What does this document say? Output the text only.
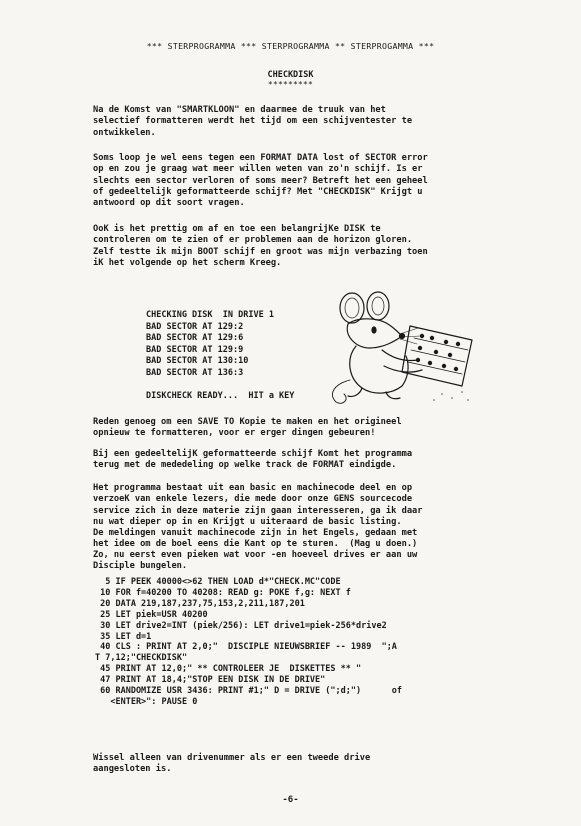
*** STERPROGRAMMA *** STERPROGRAMMA ** STERPROGAMMA ***
CHECKDISK
*********
Na de Komst van "SMARTKLOON" en daarmee de truuk van het
selectief formatteren werdt het tijd om een schijventester te
ontwikkelen.
Soms loop je wel eens tegen een FORMAT DATA lost of SECTOR error
op en zou je graag wat meer willen weten van zo'n schijf. Is er
slechts een sector verloren of soms meer? Betreft het een geheel
of gedeeltelijk geformatteerde schijf? Met "CHECKDISK" Krijgt u
antwoord op dit soort vragen.
OoK is het prettig om af en toe een belangrijKe DISK te
controleren om te zien of er problemen aan de horizon gloren.
Zelf testte ik mijn BOOT schijf en groot was mijn verbazing toen
iK het volgende op het scherm Kreeg.
CHECKING DISK  IN DRIVE 1
BAD SECTOR AT 129:2
BAD SECTOR AT 129:6
BAD SECTOR AT 129:9
BAD SECTOR AT 130:10
BAD SECTOR AT 136:3
DISKCHECK READY...  HIT a KEY
Reden genoeg om een SAVE TO Kopie te maken en het origineel
opnieuw te formatteren, voor er erger dingen gebeuren!
Bij een gedeeltelijK geformatteerde schijf Komt het programma
terug met de mededeling op welke track de FORMAT eindigde.
Het programma bestaat uit ean basic en machinecode deel en op
verzoeK van enkele lezers, die mede door onze GENS sourcecode
service zich in deze materie zijn gaan interesseren, ga ik daar
nu wat dieper op in en Krijgt u uiteraard de basic listing.
De meldingen vanuit machinecode zijn in het Engels, gedaan met
het idee om de boel eens die Kant op te sturen.  (Mag u doen.)
Zo, nu eerst even pieken wat voor -en hoeveel drives er aan uw
Disciple bungelen.
5 IF PEEK 40000<>62 THEN LOAD d*"CHECK.MC"CODE
10 FOR f=40200 TO 40208: READ g: POKE f,g: NEXT f
20 DATA 219,187,237,75,153,2,211,187,201
25 LET piek=USR 40200
30 LET drive2=INT (piek/256): LET drive1=piek-256*drive2
35 LET d=1
40 CLS : PRINT AT 2,0;"  DISCIPLE NIEUWSBRIEF -- 1989  ";A
T 7,12;"CHECKDISK"
45 PRINT AT 12,0;" ** CONTROLEER JE  DISKETTES ** "
47 PRINT AT 18,4;"STOP EEN DISK IN DE DRIVE"
60 RANDOMIZE USR 3436: PRINT #1;" D = DRIVE (";d;")      of
<ENTER>": PAUSE 0
Wissel alleen van drivenummer als er een tweede drive
aangesloten is.
-6-
